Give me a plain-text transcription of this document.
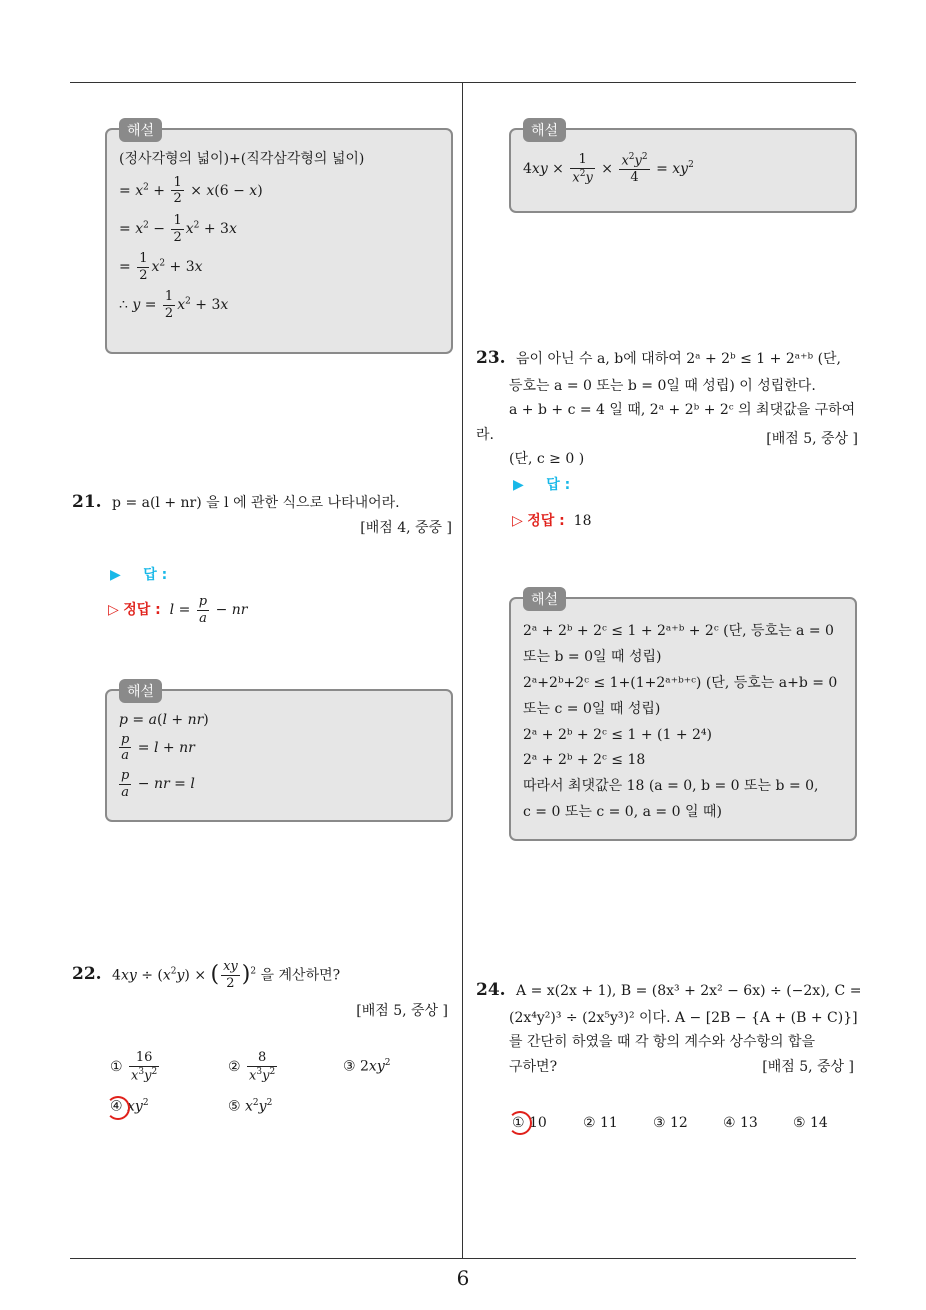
해설
(정사각형의 넓이)+(직각삼각형의 넓이)
= $x^2 + \frac{1}{2} \times x(6 - x)$
= $x^2 - \frac{1}{2} x^2 + 3x$
= $\frac{1}{2} x^2 + 3x$
∴ $y = \frac{1}{2} x^2 + 3x$
21. p = a(l + nr) 을 l 에 관한 식으로 나타내어라.
[배점 4, 중중 ]
▶ 답 :
▷ 정답 : $l = \frac{p}{a}$ − nr
해설
p = a(l + nr)
$\frac{p}{a} = l$ + nr
$\frac{p}{a}$ − nr = l
22. $4xy \div (x^2y)$ × ( $\frac{xy}{2} )^2$ 을 계산하면?
[배점 5, 중상 ]
① $\frac{16}{x^3y^2}$	② $\frac{8}{x^3y^2}$	③ $2xy^2$
④ $xy^2$	⑤ $x^2y^2$
해설
$4xy \times \frac{1}{x^2y} \times \frac{x^2y^2}{4} = xy^2$
23. 음이 아닌 수 a, b에 대하여 2ᵃ + 2ᵇ ≤ 1 + 2ᵃ⁺ᵇ (단,
등호는 a = 0 또는 b = 0일 때 성립) 이 성립한다.
a + b + c = 4 일 때, 2ᵃ + 2ᵇ + 2ᶜ 의 최댓값을 구하여라.
(단, c ≥ 0 )
[배점 5, 중상 ]
▶ 답 :
▷ 정답 : 18
해설

2ᵃ + 2ᵇ + 2ᶜ ≤ 1 + 2ᵃ⁺ᵇ + 2ᶜ (단, 등호는 a = 0
또는 b = 0일 때 성립)
2ᵃ+2ᵇ+2ᶜ ≤ 1+(1+2ᵃ⁺ᵇ⁺ᶜ) (단, 등호는 a+b = 0
또는 c = 0일 때 성립)
2ᵃ + 2ᵇ + 2ᶜ ≤ 1 + (1 + 2⁴)
2ᵃ + 2ᵇ + 2ᶜ ≤ 18
따라서 최댓값은 18 (a = 0, b = 0 또는 b = 0,
c = 0 또는 c = 0, a = 0 일 때)

24. A = x(2x + 1), B = (8x³ + 2x² − 6x) ÷ (−2x), C =
(2x⁴y²)³ ÷ (2x⁵y³)² 이다. A − [2B − {A + (B + C)}]
를 간단히 하였을 때 각 항의 계수와 상수항의 합을
구하면?	[배점 5, 중상 ]
① 10	② 11	③ 12	④ 13	⑤ 14
6
